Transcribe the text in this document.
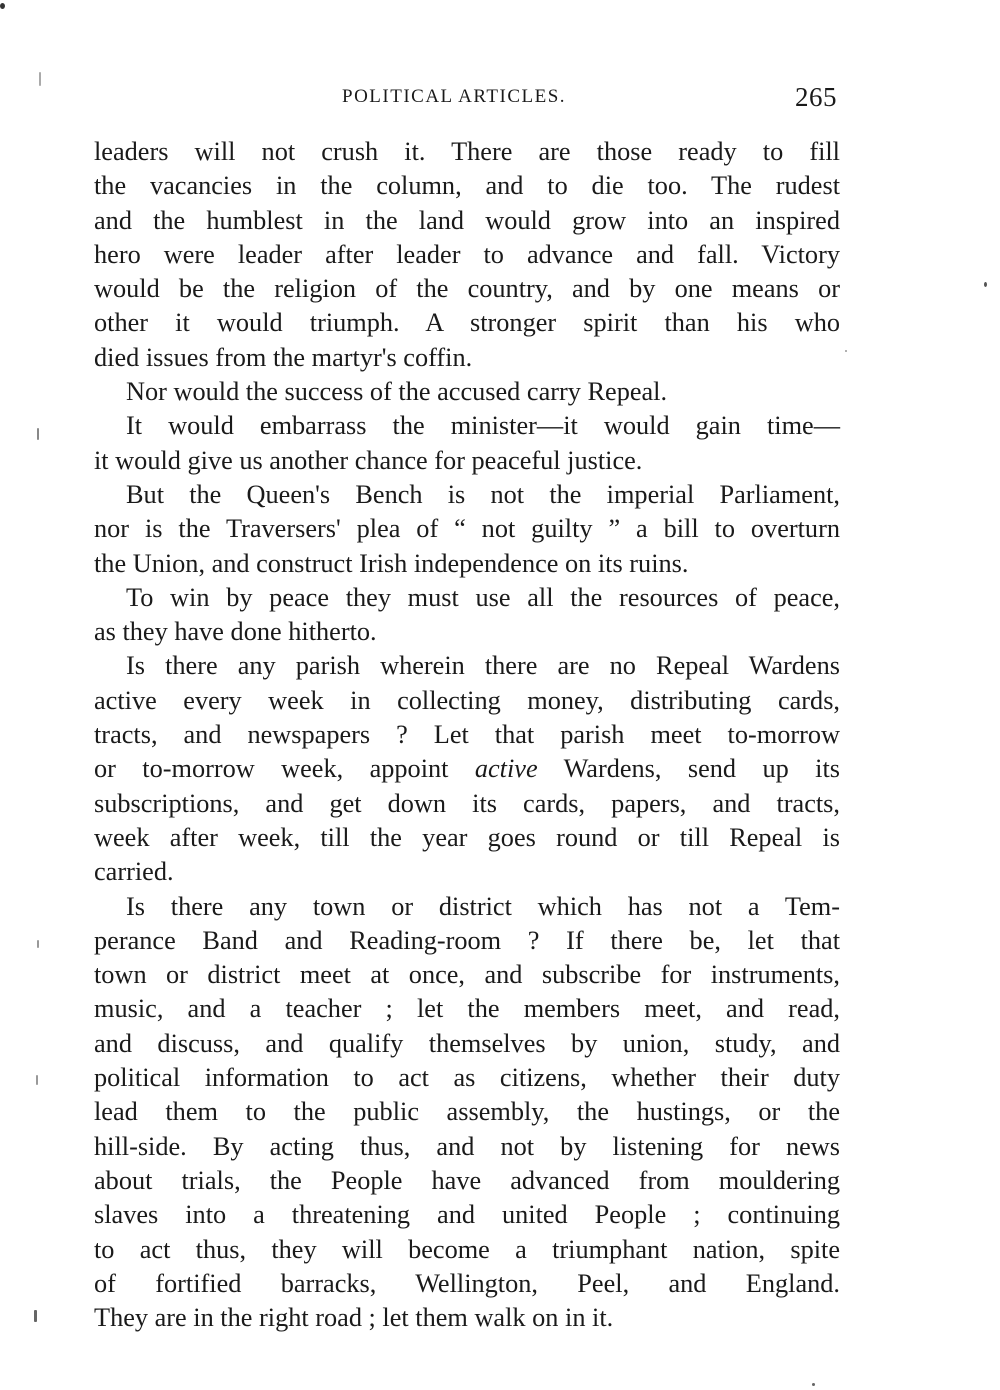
POLITICAL ARTICLES.	265
leaders will not crush it. There are those ready to fill
the vacancies in the column, and to die too. The rudest
and the humblest in the land would grow into an inspired
hero were leader after leader to advance and fall. Victory
would be the religion of the country, and by one means or
other it would triumph. A stronger spirit than his who
died issues from the martyr's coffin.
Nor would the success of the accused carry Repeal.
It would embarrass the minister—it would gain time—
it would give us another chance for peaceful justice.
But the Queen's Bench is not the imperial Parliament,
nor is the Traversers' plea of “ not guilty ” a bill to overturn
the Union, and construct Irish independence on its ruins.
To win by peace they must use all the resources of peace,
as they have done hitherto.
Is there any parish wherein there are no Repeal Wardens
active every week in collecting money, distributing cards,
tracts, and newspapers ? Let that parish meet to-morrow
or to-morrow week, appoint active Wardens, send up its
subscriptions, and get down its cards, papers, and tracts,
week after week, till the year goes round or till Repeal is
carried.
Is there any town or district which has not a Tem-
perance Band and Reading-room ? If there be, let that
town or district meet at once, and subscribe for instruments,
music, and a teacher ; let the members meet, and read,
and discuss, and qualify themselves by union, study, and
political information to act as citizens, whether their duty
lead them to the public assembly, the hustings, or the
hill-side. By acting thus, and not by listening for news
about trials, the People have advanced from mouldering
slaves into a threatening and united People ; continuing
to act thus, they will become a triumphant nation, spite
of fortified barracks, Wellington, Peel, and England.
They are in the right road ; let them walk on in it.
